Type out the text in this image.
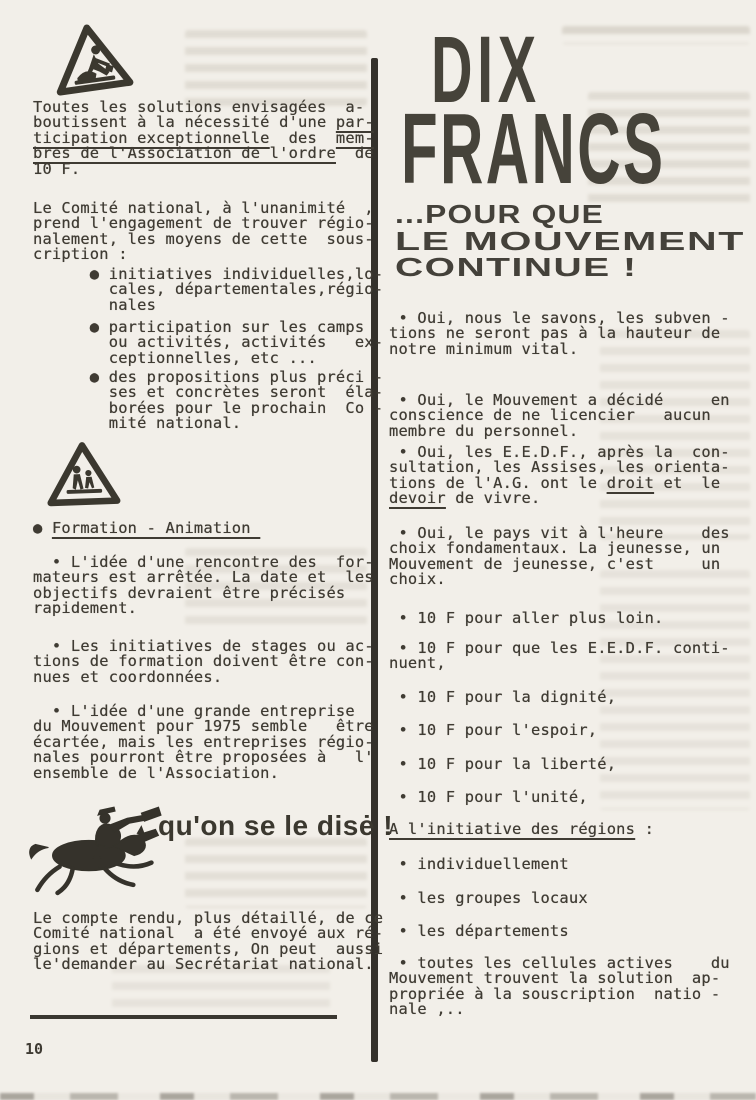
Toutes les solutions envisagées  a-
boutissent à la nécessité d'une par-
ticipation exceptionnelle  des  mem-
bres de l'Association de l'ordre  de
10 F.
Le Comité national, à l'unanimité  ,
prend l'engagement de trouver régio-
nalement, les moyens de cette  sous-
cription :
● initiatives individuelles,lo-
cales, départementales,régio-
nales
● participation sur les camps
ou activités, activités   ex-
ceptionnelles, etc ...
● des propositions plus préci -
ses et concrètes seront  éla-
borées pour le prochain  Co -
mité national.
● Formation - Animation
• L'idée d'une rencontre des  for-
mateurs est arrêtée. La date et  les
objectifs devraient être précisés
rapidement.
• Les initiatives de stages ou ac-
tions de formation doivent être con-
nues et coordonnées.
• L'idée d'une grande entreprise
du Mouvement pour 1975 semble   être
écartée, mais les entreprises régio-
nales pourront être proposées à   l'
ensemble de l'Association.
qu'on se le disė !
Le compte rendu, plus détaillé, de ce
Comité national  a été envoyé aux ré-
gions et départements, On peut  aussi
le'demander au Secrétariat national.
10
DIX
FRANCS
...POUR QUE
LE MOUVEMENT
CONTINUE !
• Oui, nous le savons, les subven -
tions ne seront pas à la hauteur de
notre minimum vital.
• Oui, le Mouvement a décidé     en
conscience de ne licencier   aucun
membre du personnel.
• Oui, les E.E.D.F., après la  con-
sultation, les Assises, les orienta-
tions de l'A.G. ont le droit et  le
devoir de vivre.
• Oui, le pays vit à l'heure    des
choix fondamentaux. La jeunesse, un
Mouvement de jeunesse, c'est     un
choix.
• 10 F pour aller plus loin.
• 10 F pour que les E.E.D.F. conti-
nuent,
• 10 F pour la dignité,
• 10 F pour l'espoir,
• 10 F pour la liberté,
• 10 F pour l'unité,
A l'initiative des régions :
• individuellement
• les groupes locaux
• les départements
• toutes les cellules actives    du
Mouvement trouvent la solution  ap-
propriée à la souscription  natio -
nale ,..
